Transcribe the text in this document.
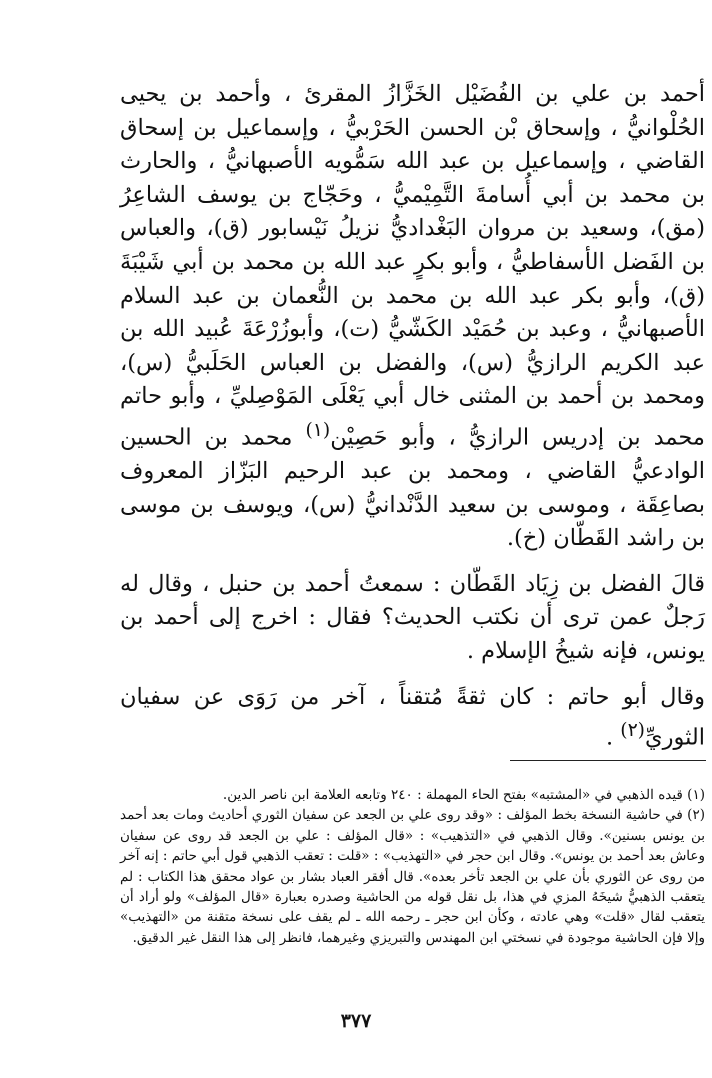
أحمد بن علي بن الفُضَيْل الخَزَّازُ المقرئ ، وأحمد بن يحيى الحُلْوانيُّ ، وإسحاق بْن الحسن الحَرْبيُّ ، وإسماعيل بن إسحاق القاضي ، وإسماعيل بن عبد الله سَمُّويه الأصبهانيُّ ، والحارث بن محمد بن أبي أُسامةَ التَّمِيْميُّ ، وحَجّاج بن يوسف الشاعِرُ (مق)، وسعيد بن مروان البَغْداديُّ نزيلُ نَيْسابور (ق)، والعباس بن الفَضل الأسفاطيُّ ، وأبو بكرٍ عبد الله بن محمد بن أبي شَيْبَةَ (ق)، وأبو بكر عبد الله بن محمد بن النُّعمان بن عبد السلام الأصبهانيُّ ، وعبد بن حُمَيْد الكَشّيُّ (ت)، وأبوزُرْعَةَ عُبيد الله بن عبد الكريم الرازيُّ (س)، والفضل بن العباس الحَلَبيُّ (س)، ومحمد بن أحمد بن المثنى خال أبي يَعْلَى المَوْصِليِّ ، وأبو حاتم محمد بن إدريس الرازيُّ ، وأبو حَصِيْن$^{(١)}$ محمد بن الحسين الوادعيُّ القاضي ، ومحمد بن عبد الرحيم البَزّاز المعروف بصاعِقَة ، وموسى بن سعيد الدَّنْدانيُّ (س)، ويوسف بن موسى بن راشد القَطّان (خ).

قالَ الفضل بن زِيَاد القَطّان : سمعتُ أحمد بن حنبل ، وقال له رَجلٌ عمن ترى أن نكتب الحديث؟ فقال : اخرج إلى أحمد بن يونس، فإنه شيخُ الإسلام .

وقال أبو حاتم : كان ثقةً مُتقناً ، آخر من رَوَى عن سفيان الثوريِّ$^{(٢)}$ .

(١) قيده الذهبي في «المشتبه» بفتح الحاء المهملة : ٢٤٠ وتابعه العلامة ابن ناصر الدين.

(٢) في حاشية النسخة بخط المؤلف : «وقد روى علي بن الجعد عن سفيان الثوري أحاديث ومات بعد أحمد بن يونس بسنين». وقال الذهبي في «التذهيب» : «قال المؤلف : علي بن الجعد قد روى عن سفيان وعاش بعد أحمد بن يونس». وقال ابن حجر في «التهذيب» : «قلت : تعقب الذهبي قول أبي حاتم : إنه آخر من روى عن الثوري بأن علي بن الجعد تأخر بعده». قال أفقر العباد بشار بن عواد محقق هذا الكتاب : لم يتعقب الذهبيُّ شيخَهُ المزي في هذا، بل نقل قوله من الحاشية وصدره بعبارة «قال المؤلف» ولو أراد أن يتعقب لقال «قلت» وهي عادته ، وكأن ابن حجر ـ رحمه الله ـ لم يقف على نسخة متقنة من «التهذيب» وإلا فإن الحاشية موجودة في نسختي ابن المهندس والتبريزي وغيرهما، فانظر إلى هذا النقل غير الدقيق.

٣٧٧
